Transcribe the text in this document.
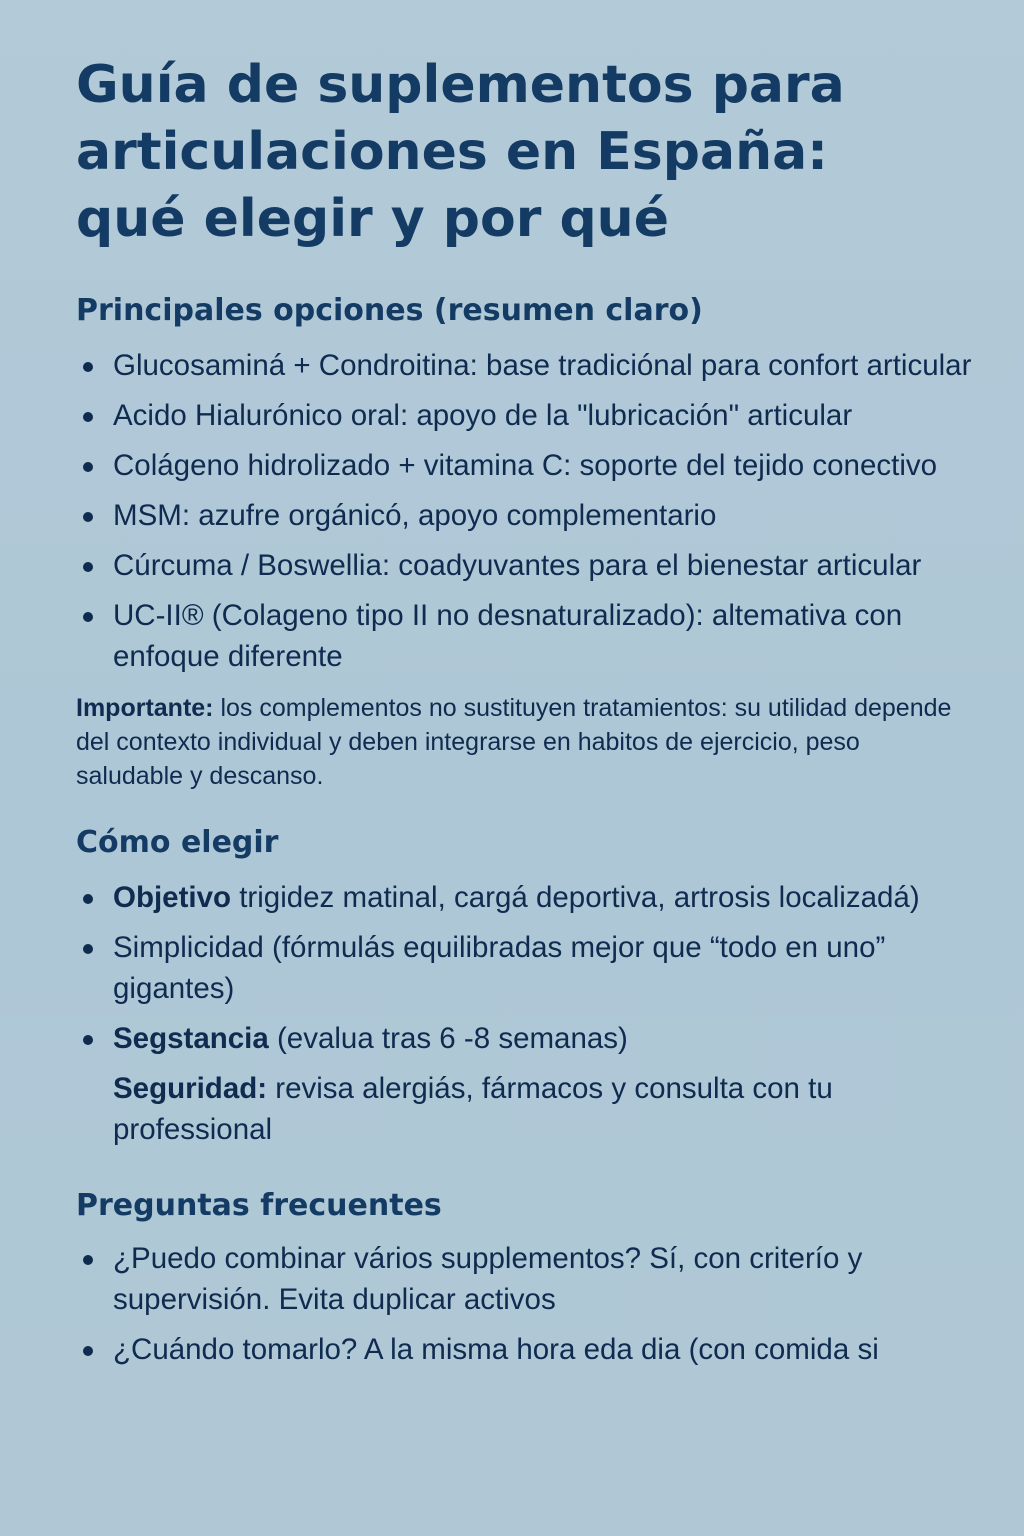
Guía de suplementos para
articulaciones en España:
qué elegir y por qué
Principales opciones (resumen claro)
Glucosaminá + Condroitina: base tradiciónal para confort articular
Acido Hialurónico oral: apoyo de la "lubricación" articular
Colágeno hidrolizado + vitamina C: soporte del tejido conectivo
MSM: azufre orgánicó, apoyo complementario
Cúrcuma / Boswellia: coadyuvantes para el bienestar articular
UC-II® (Colageno tipo II no desnaturalizado): altemativa con enfoque diferente

Importante: los complementos no sustituyen tratamientos: su utilidad depende del contexto individual y deben integrarse en habitos de ejercicio, peso saludable y descanso.

Cómo elegir
Objetivo trigidez matinal, cargá deportiva, artrosis localizadá)
Simplicidad (fórmulás equilibradas mejor que “todo en uno” gigantes)
Segstancia (evalua tras 6 -8 semanas)
Seguridad: revisa alergiás, fármacos y consulta con tu professional
Preguntas frecuentes
¿Puedo combinar vários supplementos? Sí, con criterío y supervisión. Evita duplicar activos
¿Cuándo tomarlo? A la mismа hora eda dia (con comida si
